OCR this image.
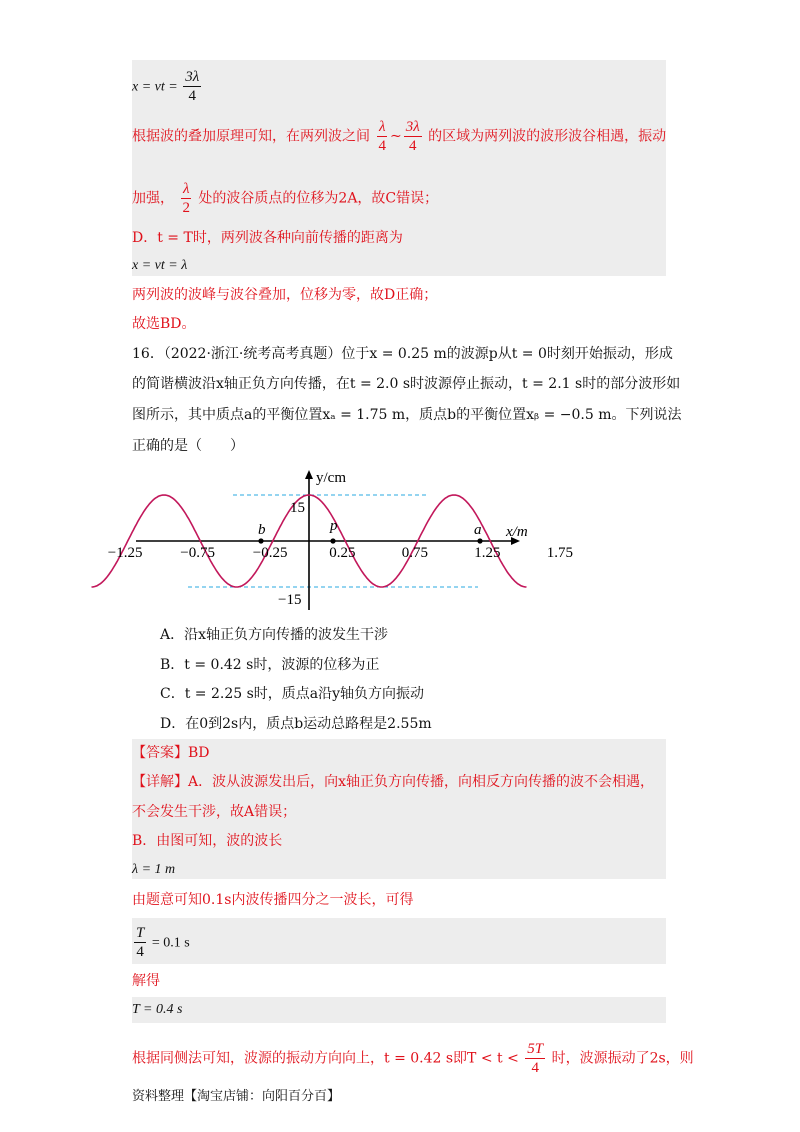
x = vt = $\frac{3\lambda}{4}$
根据波的叠加原理可知，在两列波之间 $\frac{\lambda}{4}$ ~ $\frac{3\lambda}{4}$ 的区域为两列波的波形波谷相遇，振动
加强， $\frac{\lambda}{2}$ 处的波谷质点的位移为2A，故C错误；
D．t = T时，两列波各种向前传播的距离为
x = vt = λ
两列波的波峰与波谷叠加，位移为零，故D正确；
故选BD。
16．（2022·浙江·统考高考真题）位于x = 0.25 m的波源p从t = 0时刻开始振动，形成
的简谐横波沿x轴正负方向传播，在t = 2.0 s时波源停止振动，t = 2.1 s时的部分波形如
图所示，其中质点a的平衡位置xₐ = 1.75 m，质点b的平衡位置xᵦ = −0.5 m。下列说法
正确的是（　　）
−1.25	−0.75	−0.25	0.25	0.75	1.25	1.75
y/cm
x/m
15
−15
b	p	a
A．沿x轴正负方向传播的波发生干涉
B．t = 0.42 s时，波源的位移为正
C．t = 2.25 s时，质点a沿y轴负方向振动
D．在0到2s内，质点b运动总路程是2.55m
【答案】BD
【详解】A．波从波源发出后，向x轴正负方向传播，向相反方向传播的波不会相遇，
不会发生干涉，故A错误；
B．由图可知，波的波长
λ = 1 m
由题意可知0.1s内波传播四分之一波长，可得
$\frac{T}{4} = 0.1$ s
解得
T = 0.4 s
根据同侧法可知，波源的振动方向向上，t = 0.42 s即$T < t < \frac{5T}{4}$ 时，波源振动了2s，则
资料整理【淘宝店铺：向阳百分百】
